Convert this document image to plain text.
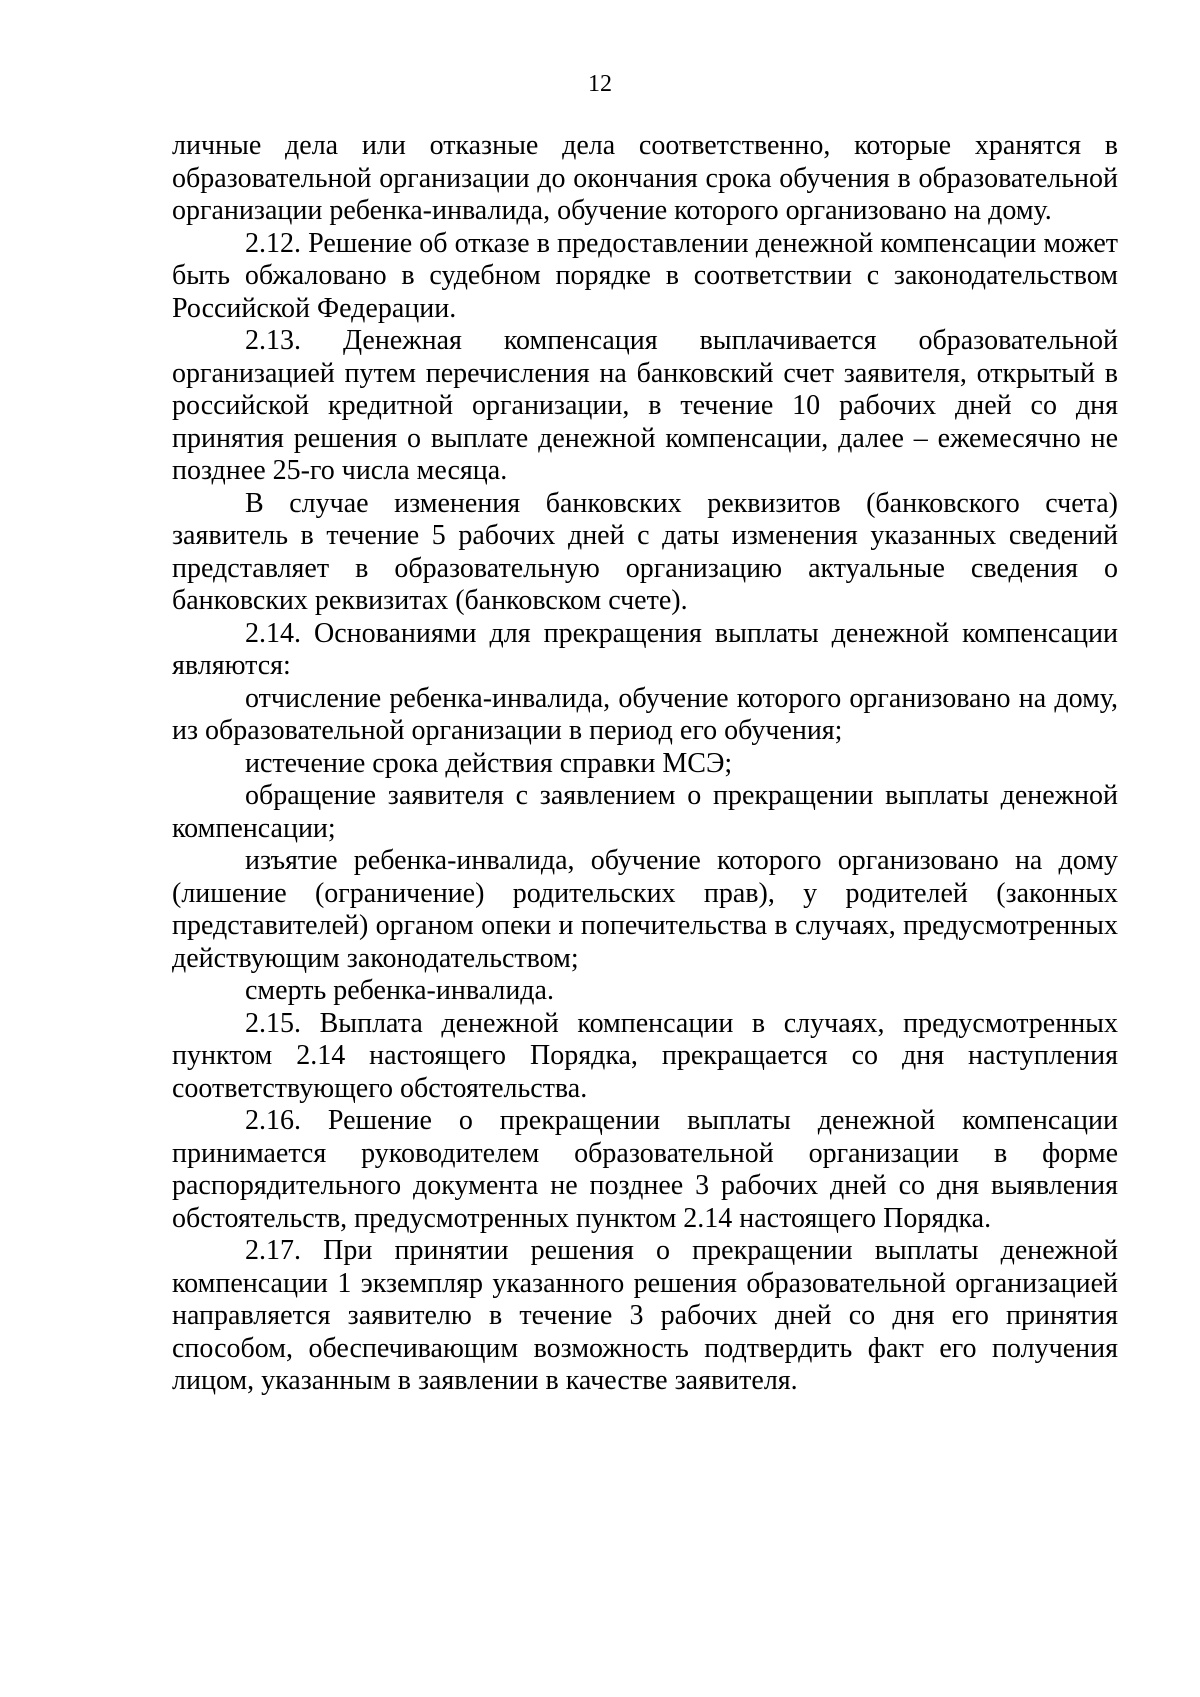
12

личные дела или отказные дела соответственно, которые хранятся в образовательной организации до окончания срока обучения в образовательной организации ребенка-инвалида, обучение которого организовано на дому.

2.12. Решение об отказе в предоставлении денежной компенсации может быть обжаловано в судебном порядке в соответствии с законодательством Российской Федерации.

2.13. Денежная компенсация выплачивается образовательной организацией путем перечисления на банковский счет заявителя, открытый в российской кредитной организации, в течение 10 рабочих дней со дня принятия решения о выплате денежной компенсации, далее – ежемесячно не позднее 25-го числа месяца.

В случае изменения банковских реквизитов (банковского счета) заявитель в течение 5 рабочих дней с даты изменения указанных сведений представляет в образовательную организацию актуальные сведения о банковских реквизитах (банковском счете).

2.14. Основаниями для прекращения выплаты денежной компенсации являются:

отчисление ребенка-инвалида, обучение которого организовано на дому, из образовательной организации в период его обучения;

истечение срока действия справки МСЭ;

обращение заявителя с заявлением о прекращении выплаты денежной компенсации;

изъятие ребенка-инвалида, обучение которого организовано на дому (лишение (ограничение) родительских прав), у родителей (законных представителей) органом опеки и попечительства в случаях, предусмотренных действующим законодательством;

смерть ребенка-инвалида.

2.15. Выплата денежной компенсации в случаях, предусмотренных пунктом 2.14 настоящего Порядка, прекращается со дня наступления соответствующего обстоятельства.

2.16. Решение о прекращении выплаты денежной компенсации принимается руководителем образовательной организации в форме распорядительного документа не позднее 3 рабочих дней со дня выявления обстоятельств, предусмотренных пунктом 2.14 настоящего Порядка.

2.17. При принятии решения о прекращении выплаты денежной компенсации 1 экземпляр указанного решения образовательной организацией направляется заявителю в течение 3 рабочих дней со дня его принятия способом, обеспечивающим возможность подтвердить факт его получения лицом, указанным в заявлении в качестве заявителя.
